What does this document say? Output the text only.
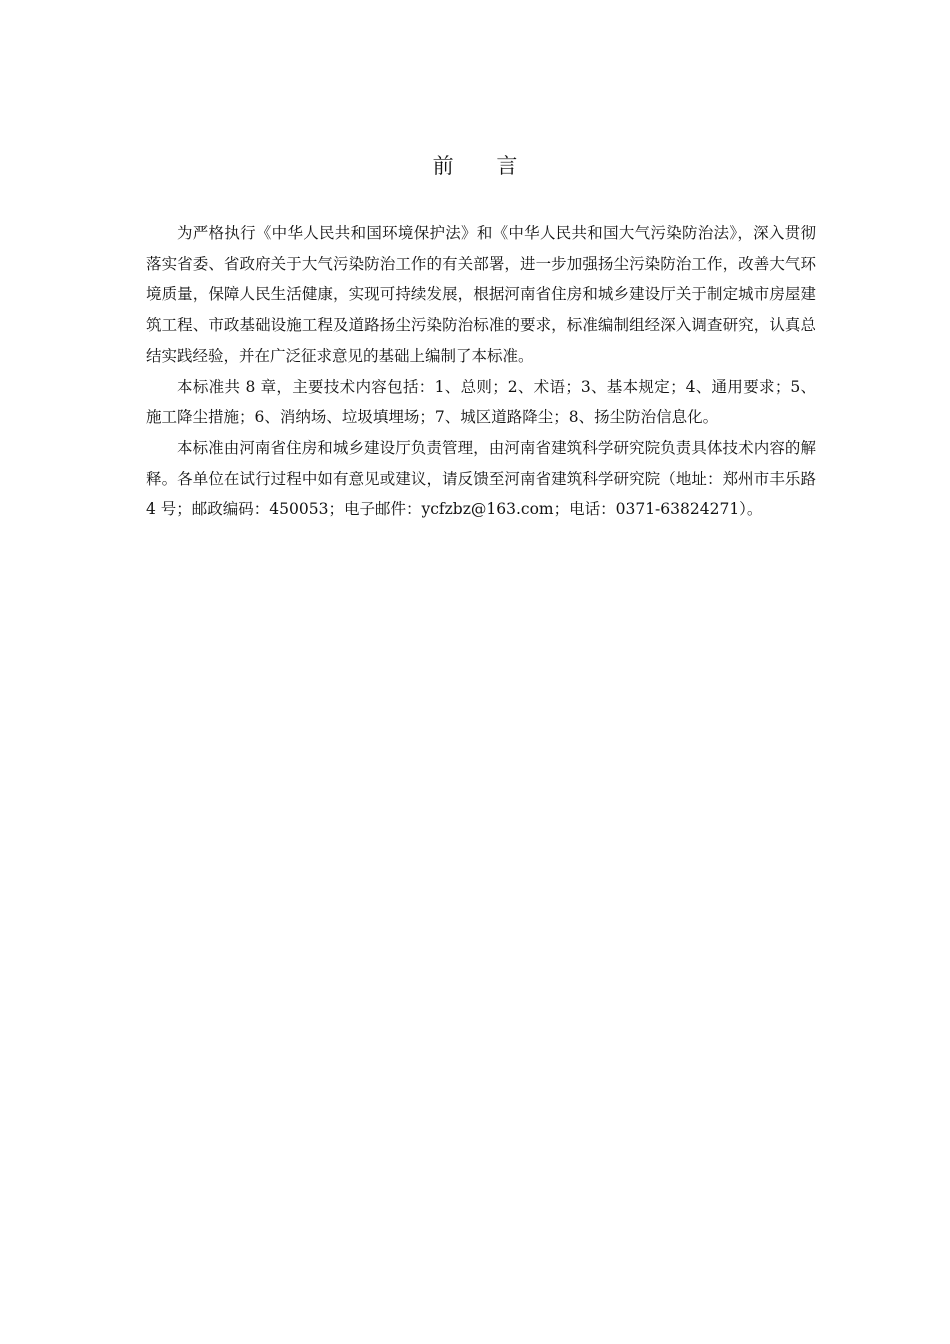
前 言

为严格执行《中华人民共和国环境保护法》和《中华人民共和国大气污染防治法》，深入贯彻落实省委、省政府关于大气污染防治工作的有关部署，进一步加强扬尘污染防治工作，改善大气环境质量，保障人民生活健康，实现可持续发展，根据河南省住房和城乡建设厅关于制定城市房屋建筑工程、市政基础设施工程及道路扬尘污染防治标准的要求，标准编制组经深入调查研究，认真总结实践经验，并在广泛征求意见的基础上编制了本标准。

本标准共 8 章，主要技术内容包括：1、总则；2、术语；3、基本规定；4、通用要求；5、施工降尘措施；6、消纳场、垃圾填埋场；7、城区道路降尘；8、扬尘防治信息化。

本标准由河南省住房和城乡建设厅负责管理，由河南省建筑科学研究院负责具体技术内容的解释。各单位在试行过程中如有意见或建议，请反馈至河南省建筑科学研究院（地址：郑州市丰乐路 4 号；邮政编码：450053；电子邮件：ycfzbz@163.com；电话：0371-63824271）。
